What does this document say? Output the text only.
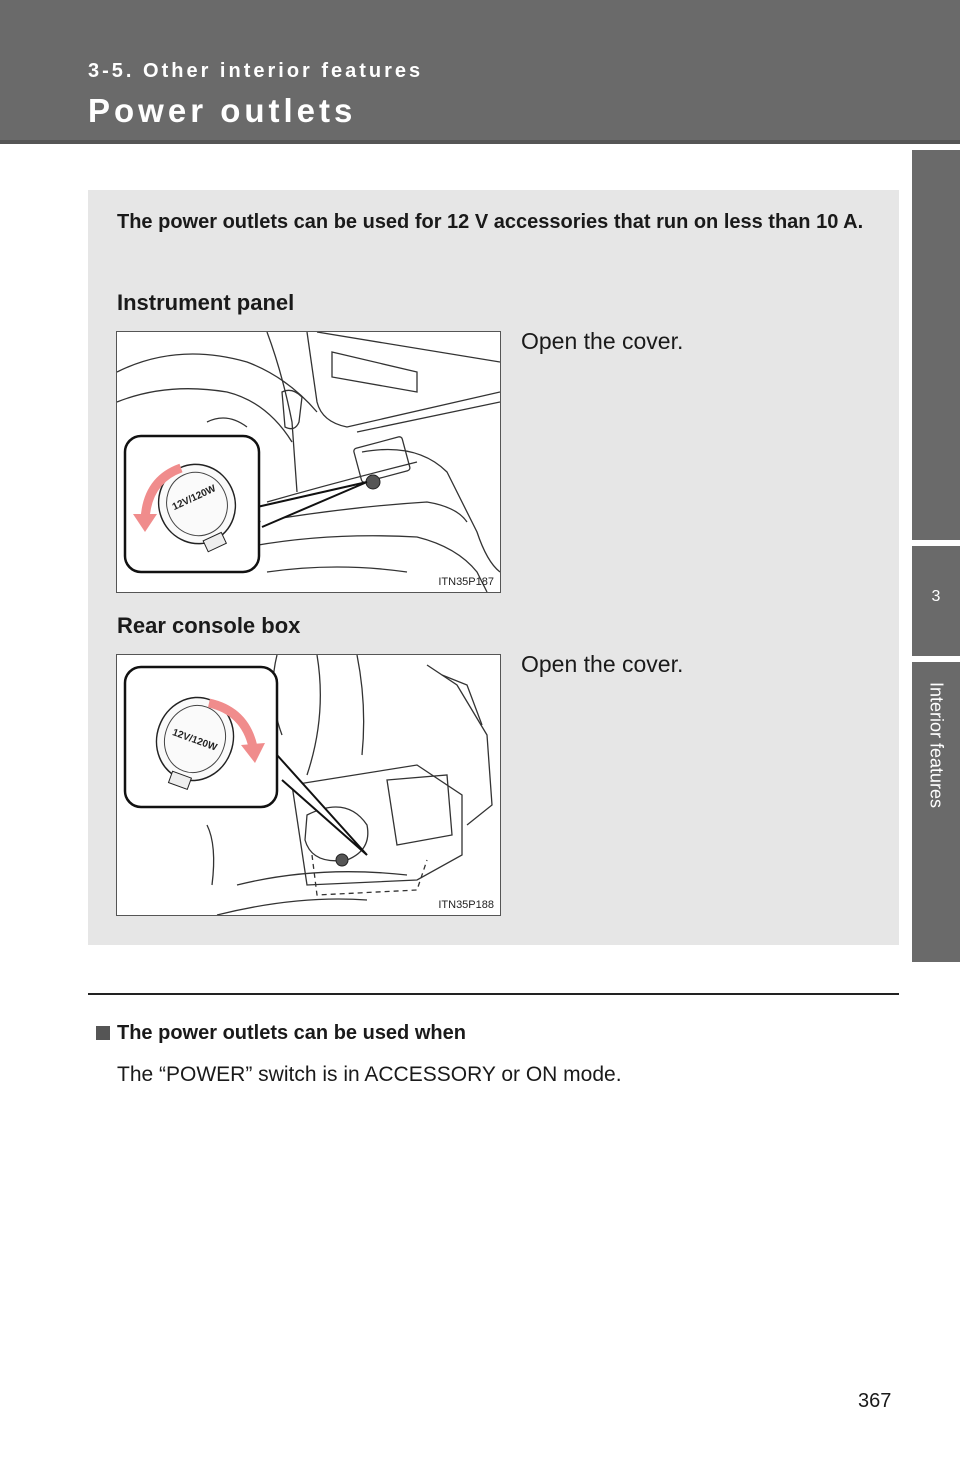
3-5. Other interior features
Power outlets
3
Interior features
The power outlets can be used for 12 V accessories that run on less than 10 A.
Instrument panel
12V/120W
ITN35P187
Open the cover.
Rear console box
12V/120W
ITN35P188
Open the cover.
The power outlets can be used when
The “POWER” switch is in ACCESSORY or ON mode.
367
